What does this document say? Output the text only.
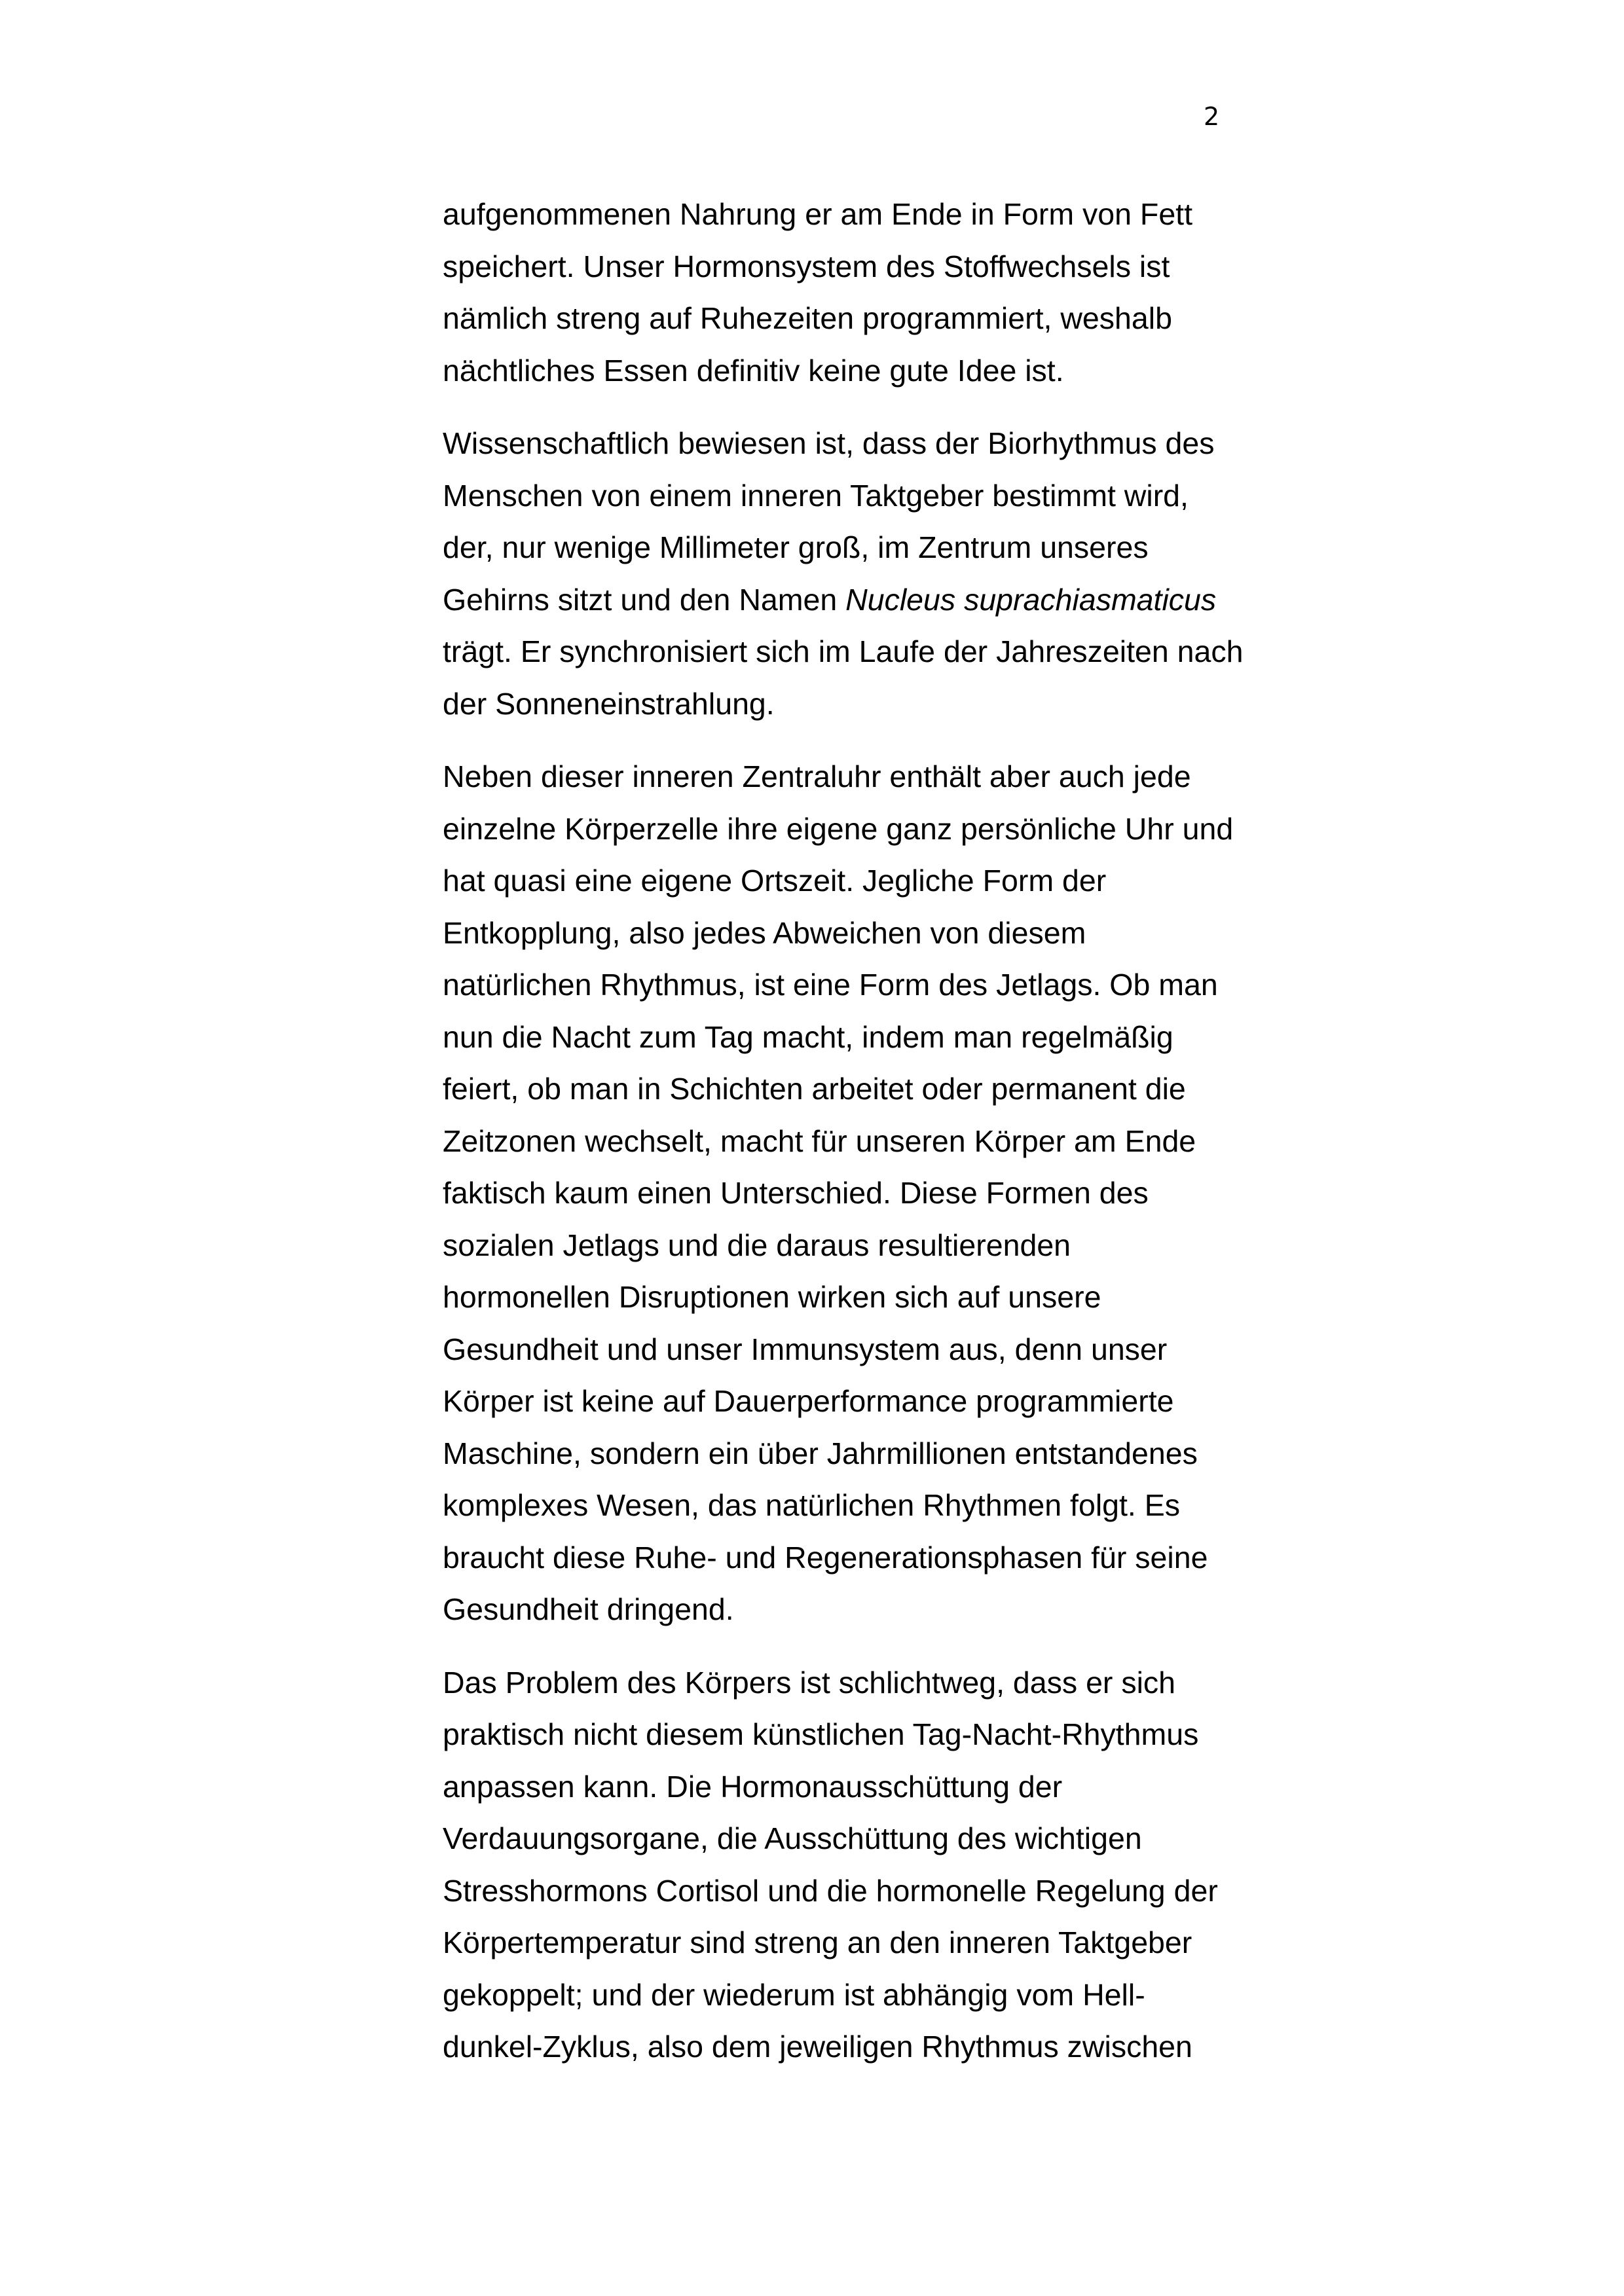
2

aufgenommenen Nahrung er am Ende in Form von Fett
speichert. Unser Hormonsystem des Stoffwechsels ist
nämlich streng auf Ruhezeiten programmiert, weshalb
nächtliches Essen definitiv keine gute Idee ist.

Wissenschaftlich bewiesen ist, dass der Biorhythmus des
Menschen von einem inneren Taktgeber bestimmt wird,
der, nur wenige Millimeter groß, im Zentrum unseres
Gehirns sitzt und den Namen Nucleus suprachiasmaticus
trägt. Er synchronisiert sich im Laufe der Jahreszeiten nach
der Sonneneinstrahlung.

Neben dieser inneren Zentraluhr enthält aber auch jede
einzelne Körperzelle ihre eigene ganz persönliche Uhr und
hat quasi eine eigene Ortszeit. Jegliche Form der
Entkopplung, also jedes Abweichen von diesem
natürlichen Rhythmus, ist eine Form des Jetlags. Ob man
nun die Nacht zum Tag macht, indem man regelmäßig
feiert, ob man in Schichten arbeitet oder permanent die
Zeitzonen wechselt, macht für unseren Körper am Ende
faktisch kaum einen Unterschied. Diese Formen des
sozialen Jetlags und die daraus resultierenden
hormonellen Disruptionen wirken sich auf unsere
Gesundheit und unser Immunsystem aus, denn unser
Körper ist keine auf Dauerperformance programmierte
Maschine, sondern ein über Jahrmillionen entstandenes
komplexes Wesen, das natürlichen Rhythmen folgt. Es
braucht diese Ruhe- und Regenerationsphasen für seine
Gesundheit dringend.

Das Problem des Körpers ist schlichtweg, dass er sich
praktisch nicht diesem künstlichen Tag-Nacht-Rhythmus
anpassen kann. Die Hormonausschüttung der
Verdauungsorgane, die Ausschüttung des wichtigen
Stresshormons Cortisol und die hormonelle Regelung der
Körpertemperatur sind streng an den inneren Taktgeber
gekoppelt; und der wiederum ist abhängig vom Hell-
dunkel-Zyklus, also dem jeweiligen Rhythmus zwischen
